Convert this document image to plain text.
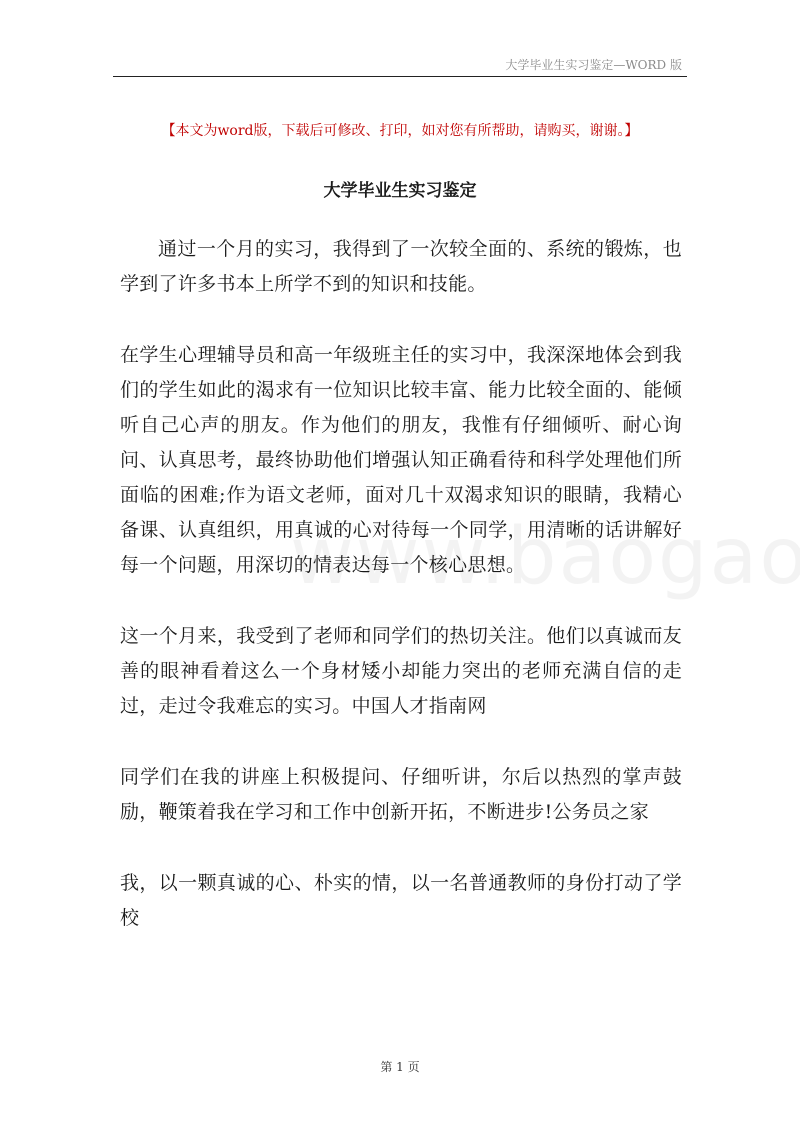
大学毕业生实习鉴定—WORD 版
【本文为word版，下载后可修改、打印，如对您有所帮助，请购买，谢谢。】
大学毕业生实习鉴定

通过一个月的实习，我得到了一次较全面的、系统的锻炼，也学到了许多书本上所学不到的知识和技能。

在学生心理辅导员和高一年级班主任的实习中，我深深地体会到我们的学生如此的渴求有一位知识比较丰富、能力比较全面的、能倾听自己心声的朋友。作为他们的朋友，我惟有仔细倾听、耐心询问、认真思考，最终协助他们增强认知正确看待和科学处理他们所面临的困难;作为语文老师，面对几十双渴求知识的眼睛，我精心备课、认真组织，用真诚的心对待每一个同学，用清晰的话讲解好每一个问题，用深切的情表达每一个核心思想。

这一个月来，我受到了老师和同学们的热切关注。他们以真诚而友善的眼神看着这么一个身材矮小却能力突出的老师充满自信的走过，走过令我难忘的实习。中国人才指南网

同学们在我的讲座上积极提问、仔细听讲，尔后以热烈的掌声鼓励，鞭策着我在学习和工作中创新开拓，不断进步!公务员之家

我，以一颗真诚的心、朴实的情，以一名普通教师的身份打动了学校

第 1 页
